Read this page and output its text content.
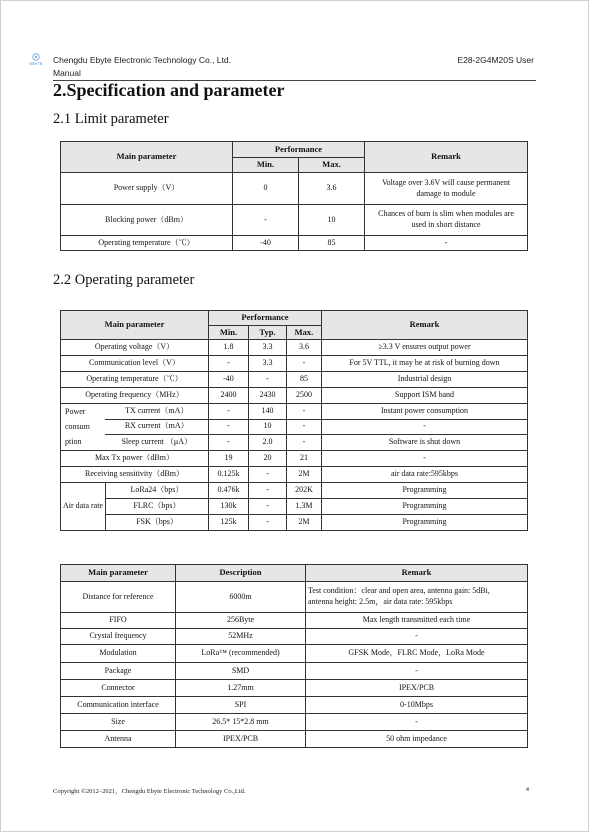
EBYTE Chengdu Ebyte Electronic Technology Co., Ltd.
Manual
E28-2G4M20S User
2.Specification and parameter
2.1 Limit parameter
Main parameter	Performance		Remark
	Min.	Max.	
Power supply（V）	0	3.6	Voltage over 3.6V will cause permanent
damage to module
Blocking power（dBm）	-	10	Chances of burn is slim when modules are
used in short distance
Operating temperature（℃）	-40	85	-
2.2 Operating parameter
Main parameter		Performance			Remark
		Min.	Typ.	Max.	
Operating voltage（V）		1.8	3.3	3.6	≥3.3 V ensures output power
Communication level（V）		-	3.3	-	For 5V TTL, it may be at risk of burning down
Operating temperature（℃）		-40	-	85	Industrial design
Operating frequency（MHz）		2400	2430	2500	Support ISM band
Power
consum
ption	TX current（mA）	-	140	-	Instant power consumption
	RX current（mA）	-	10	-	-
	Sleep current （μA）	-	2.0	-	Software is shut down
Max Tx power（dBm）		19	20	21	-
Receiving sensitivity（dBm）		0.125k	-	2M	air data rate:595kbps
Air data rate	LoRa24（bps）	0.476k	-	202K	Programming
	FLRC（bps）	130k	-	1.3M	Programming
	FSK（bps）	125k	-	2M	Programming
Main parameter	Description	Remark
Distance for reference	6000m	Test condition：clear and open area, antenna gain: 5dBi,
antenna height: 2.5m，air data rate: 595kbps
FIFO	256Byte	Max length transmitted each time
Crystal frequency	52MHz	-
Modulation	LoRa™ (recommended)	GFSK Mode，FLRC Mode，LoRa Mode
Package	SMD	-
Connector	1.27mm	IPEX/PCB
Communication interface	SPI	0-10Mbps
Size	26.5* 15*2.8 mm	-
Antenna	IPEX/PCB	50 ohm impedance
Copyright ©2012–2021，Chengdu Ebyte Electronic Technology Co.,Ltd.	4
